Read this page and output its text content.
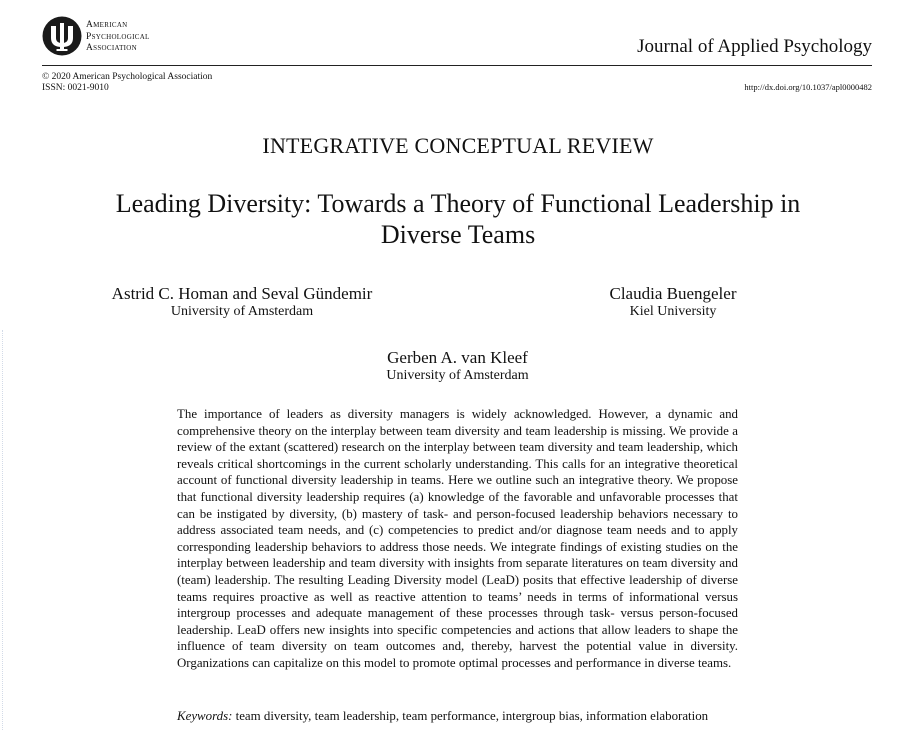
American
Psychological
Association	Journal of Applied Psychology
© 2020 American Psychological Association
ISSN: 0021-9010	http://dx.doi.org/10.1037/apl0000482
INTEGRATIVE CONCEPTUAL REVIEW
Leading Diversity: Towards a Theory of Functional Leadership in Diverse Teams
Astrid C. Homan and Seval Gündemir
University of Amsterdam
Claudia Buengeler
Kiel University
Gerben A. van Kleef
University of Amsterdam
The importance of leaders as diversity managers is widely acknowledged. However, a dynamic and comprehensive theory on the interplay between team diversity and team leadership is missing. We provide a review of the extant (scattered) research on the interplay between team diversity and team leadership, which reveals critical shortcomings in the current scholarly understanding. This calls for an integrative theoretical account of functional diversity leadership in teams. Here we outline such an integrative theory. We propose that functional diversity leadership requires (a) knowledge of the favorable and unfavorable processes that can be instigated by diversity, (b) mastery of task- and person-focused leadership behaviors necessary to address associated team needs, and (c) competencies to predict and/or diagnose team needs and to apply corresponding leadership behaviors to address those needs. We integrate findings of existing studies on the interplay between leadership and team diversity with insights from separate literatures on team diversity and (team) leadership. The resulting Leading Diversity model (LeaD) posits that effective leadership of diverse teams requires proactive as well as reactive attention to teams’ needs in terms of informational versus intergroup processes and adequate management of these processes through task- versus person-focused leadership. LeaD offers new insights into specific competencies and actions that allow leaders to shape the influence of team diversity on team outcomes and, thereby, harvest the potential value in diversity. Organizations can capitalize on this model to promote optimal processes and performance in diverse teams.
Keywords: team diversity, team leadership, team performance, intergroup bias, information elaboration
